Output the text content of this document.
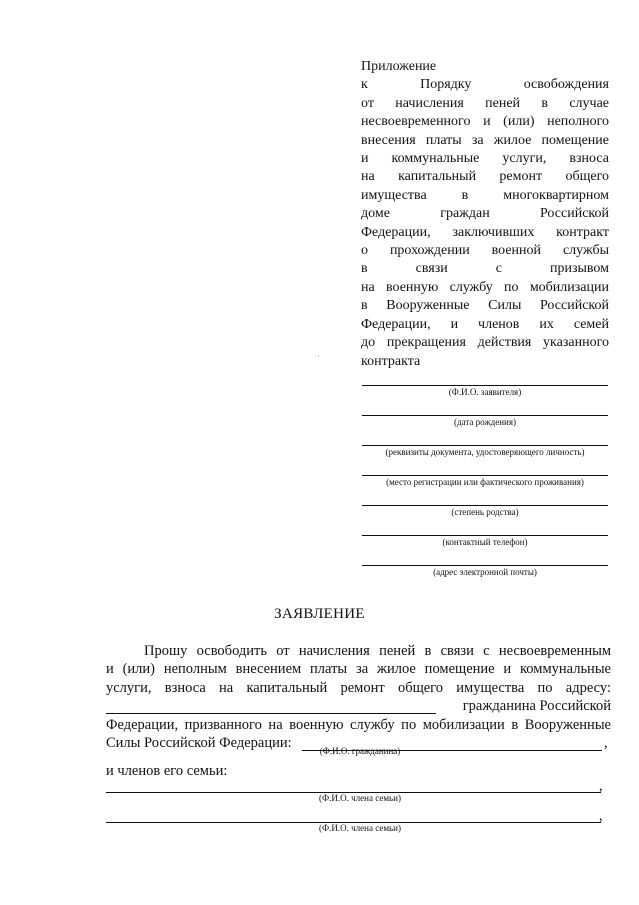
Приложение
к Порядку освобождения
от начисления пеней в случае
несвоевременного и (или) неполного
внесения платы за жилое помещение
и коммунальные услуги, взноса
на капитальный ремонт общего
имущества в многоквартирном
доме граждан Российской
Федерации, заключивших контракт
о прохождении военной службы
в связи с призывом
на военную службу по мобилизации
в Вооруженные Силы Российской
Федерации, и членов их семей
до прекращения действия указанного
контракта
(Ф.И.О. заявителя)
(дата рождения)
(реквизиты документа, удостоверяющего личность)
(место регистрации или фактического проживания)
(степень родства)
(контактный телефон)
(адрес электронной почты)
ЗАЯВЛЕНИЕ
Прошу освободить от начисления пеней в связи с несвоевременным
и (или) неполным внесением платы за жилое помещение и коммунальные
услуги, взноса на капитальный ремонт общего имущества по адресу:
гражданина Российской
Федерации, призванного на военную службу по мобилизации в Вооруженные
Силы Российской Федерации:	,
(Ф.И.О. гражданина)
и членов его семьи:
,
(Ф.И.О. члена семьи)
,
(Ф.И.О. члена семьи)
